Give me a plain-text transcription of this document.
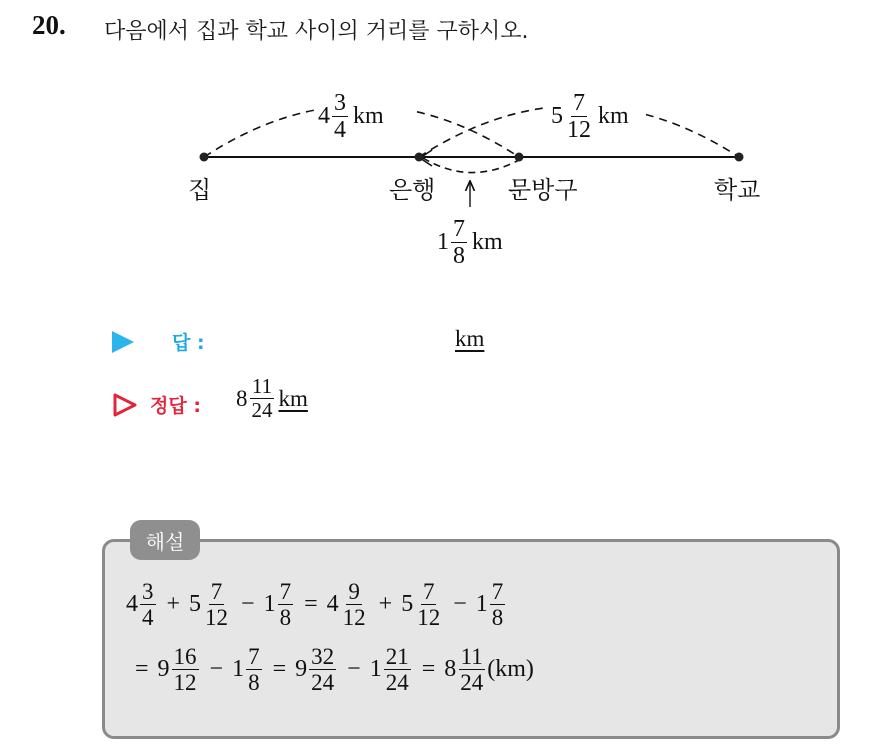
20. 다음에서 집과 학교 사이의 거리를 구하시오.
$4 \frac{3}{4}$ km	$5 \frac{7}{12}$ km
$1 \frac{7}{8}$ km
집	은행	문방구	학교
답 :	km
정답 : $8 \frac{11}{24}$ km
해설
$4 \frac{3}{4} + 5 \frac{7}{12} - 1 \frac{7}{8} = 4 \frac{9}{12} + 5 \frac{7}{12} - 1 \frac{7}{8}$
= $9 \frac{16}{12} - 1 \frac{7}{8} = 9 \frac{32}{24} - 1 \frac{21}{24} = 8 \frac{11}{24} (km)$
